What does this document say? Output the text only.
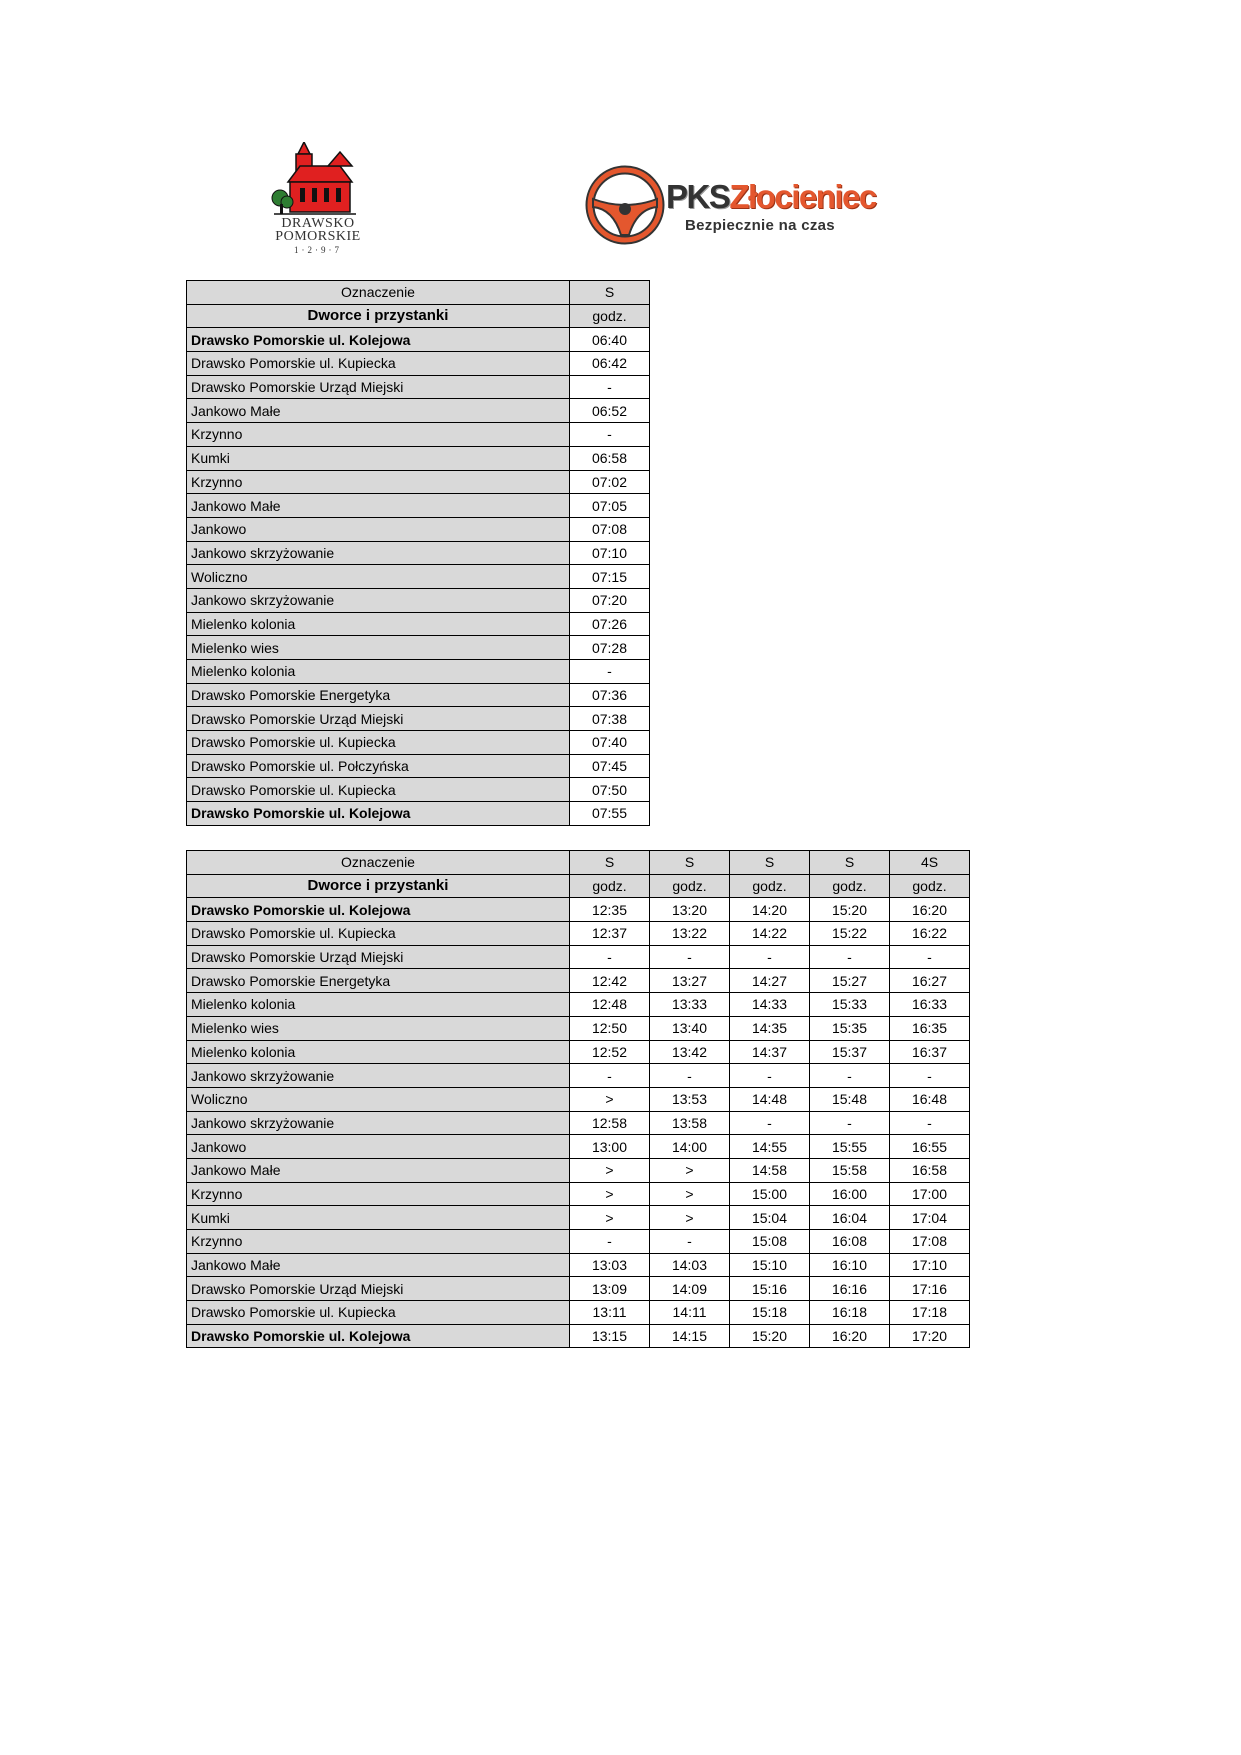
DRAWSKO
POMORSKIE
1·2·9·7
PKSZłocieniec
Bezpiecznie na czas
Oznaczenie	S
Dworce i przystanki	godz.
Drawsko Pomorskie ul. Kolejowa	06:40
Drawsko Pomorskie ul. Kupiecka	06:42
Drawsko Pomorskie Urząd Miejski	-
Jankowo Małe	06:52
Krzynno	-
Kumki	06:58
Krzynno	07:02
Jankowo Małe	07:05
Jankowo	07:08
Jankowo skrzyżowanie	07:10
Woliczno	07:15
Jankowo skrzyżowanie	07:20
Mielenko kolonia	07:26
Mielenko wies	07:28
Mielenko kolonia	-
Drawsko Pomorskie Energetyka	07:36
Drawsko Pomorskie Urząd Miejski	07:38
Drawsko Pomorskie ul. Kupiecka	07:40
Drawsko Pomorskie ul. Połczyńska	07:45
Drawsko Pomorskie ul. Kupiecka	07:50
Drawsko Pomorskie ul. Kolejowa	07:55
Oznaczenie	S	S	S	S	4S
Dworce i przystanki	godz.	godz.	godz.	godz.	godz.
Drawsko Pomorskie ul. Kolejowa	12:35	13:20	14:20	15:20	16:20
Drawsko Pomorskie ul. Kupiecka	12:37	13:22	14:22	15:22	16:22
Drawsko Pomorskie Urząd Miejski	-	-	-	-	-
Drawsko Pomorskie Energetyka	12:42	13:27	14:27	15:27	16:27
Mielenko kolonia	12:48	13:33	14:33	15:33	16:33
Mielenko wies	12:50	13:40	14:35	15:35	16:35
Mielenko kolonia	12:52	13:42	14:37	15:37	16:37
Jankowo skrzyżowanie	-	-	-	-	-
Woliczno	>	13:53	14:48	15:48	16:48
Jankowo skrzyżowanie	12:58	13:58	-	-	-
Jankowo	13:00	14:00	14:55	15:55	16:55
Jankowo Małe	>	>	14:58	15:58	16:58
Krzynno	>	>	15:00	16:00	17:00
Kumki	>	>	15:04	16:04	17:04
Krzynno	-	-	15:08	16:08	17:08
Jankowo Małe	13:03	14:03	15:10	16:10	17:10
Drawsko Pomorskie Urząd Miejski	13:09	14:09	15:16	16:16	17:16
Drawsko Pomorskie ul. Kupiecka	13:11	14:11	15:18	16:18	17:18
Drawsko Pomorskie ul. Kolejowa	13:15	14:15	15:20	16:20	17:20
